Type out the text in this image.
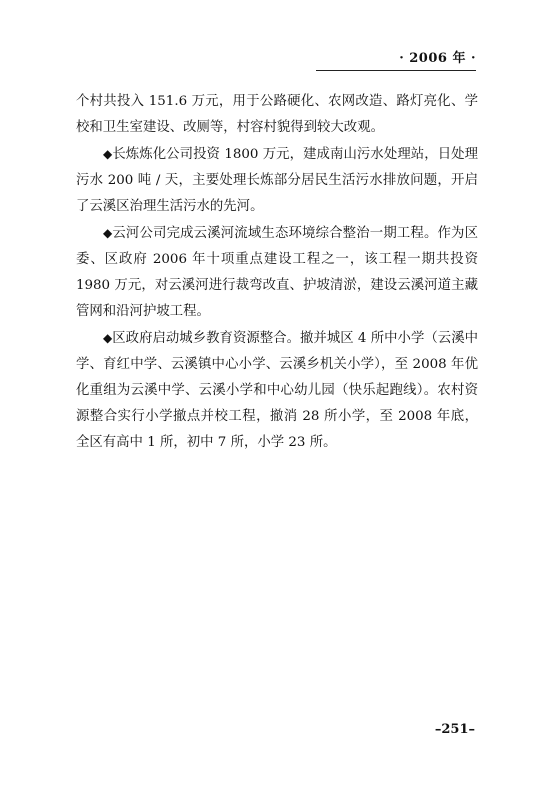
· 2006 年 ·

个村共投入 151.6 万元，用于公路硬化、农网改造、路灯亮化、学校和卫生室建设、改厕等，村容村貌得到较大改观。

◆长炼炼化公司投资 1800 万元，建成南山污水处理站，日处理污水 200 吨 / 天，主要处理长炼部分居民生活污水排放问题，开启了云溪区治理生活污水的先河。

◆云河公司完成云溪河流域生态环境综合整治一期工程。作为区委、区政府 2006 年十项重点建设工程之一，该工程一期共投资 1980 万元，对云溪河进行裁弯改直、护坡清淤，建设云溪河道主藏管网和沿河护坡工程。

◆区政府启动城乡教育资源整合。撤并城区 4 所中小学（云溪中学、育红中学、云溪镇中心小学、云溪乡机关小学），至 2008 年优化重组为云溪中学、云溪小学和中心幼儿园（快乐起跑线）。农村资源整合实行小学撤点并校工程，撤消 28 所小学，至 2008 年底，全区有高中 1 所，初中 7 所，小学 23 所。

–251–
